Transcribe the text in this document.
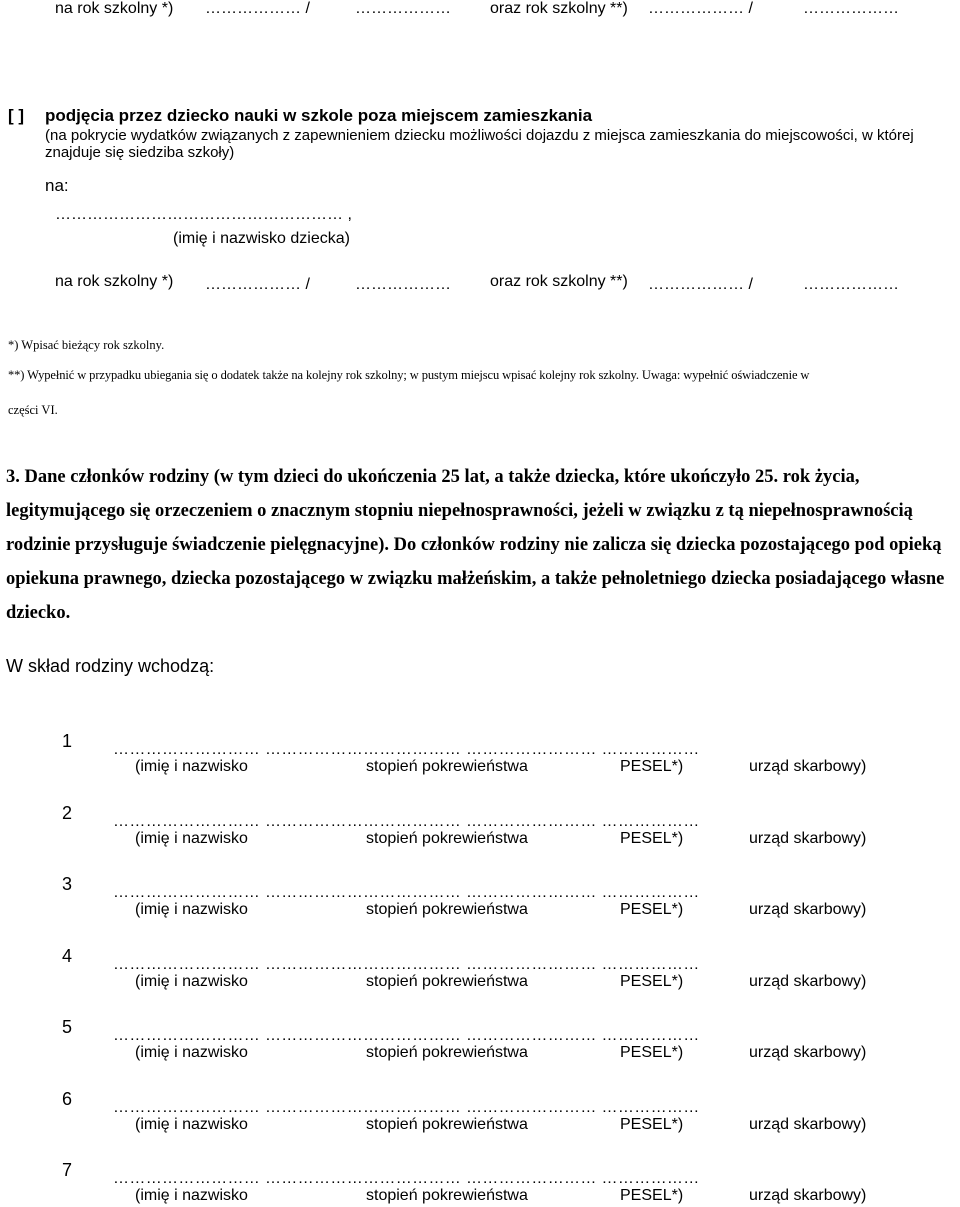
na rok szkolny *) ……………… /	……………… oraz rok szkolny **) ……………… /	………………
[ ] podjęcia przez dziecko nauki w szkole poza miejscem zamieszkania
(na pokrycie wydatków związanych z zapewnieniem dziecku możliwości dojazdu z miejsca zamieszkania do miejscowości, w której znajduje się siedziba szkoły)
na:
……………………………………………… ,
(imię i nazwisko dziecka)
na rok szkolny *) ……………… /	……………… oraz rok szkolny **) ……………… /	………………
*) Wpisać bieżący rok szkolny.
**) Wypełnić w przypadku ubiegania się o dodatek także na kolejny rok szkolny; w pustym miejscu wpisać kolejny rok szkolny. Uwaga: wypełnić oświadczenie w
części VI.
3. Dane członków rodziny (w tym dzieci do ukończenia 25 lat, a także dziecka, które ukończyło 25. rok życia, legitymującego się orzeczeniem o znacznym stopniu niepełnosprawności, jeżeli w związku z tą niepełnosprawnością rodzinie przysługuje świadczenie pielęgnacyjne). Do członków rodziny nie zalicza się dziecka pozostającego pod opieką opiekuna prawnego, dziecka pozostającego w związku małżeńskim, a także pełnoletniego dziecka posiadającego własne dziecko.
W skład rodziny wchodzą:
1	……………………… ……………………………… …………………… ………………
(imię i nazwisko	stopień pokrewieństwa	PESEL*)	urząd skarbowy)
2	……………………… ……………………………… …………………… ………………
(imię i nazwisko	stopień pokrewieństwa	PESEL*)	urząd skarbowy)
3	……………………… ……………………………… …………………… ………………
(imię i nazwisko	stopień pokrewieństwa	PESEL*)	urząd skarbowy)
4	……………………… ……………………………… …………………… ………………
(imię i nazwisko	stopień pokrewieństwa	PESEL*)	urząd skarbowy)
5	……………………… ……………………………… …………………… ………………
(imię i nazwisko	stopień pokrewieństwa	PESEL*)	urząd skarbowy)
6	……………………… ……………………………… …………………… ………………
(imię i nazwisko	stopień pokrewieństwa	PESEL*)	urząd skarbowy)
7	……………………… ……………………………… …………………… ………………
(imię i nazwisko	stopień pokrewieństwa	PESEL*)	urząd skarbowy)
